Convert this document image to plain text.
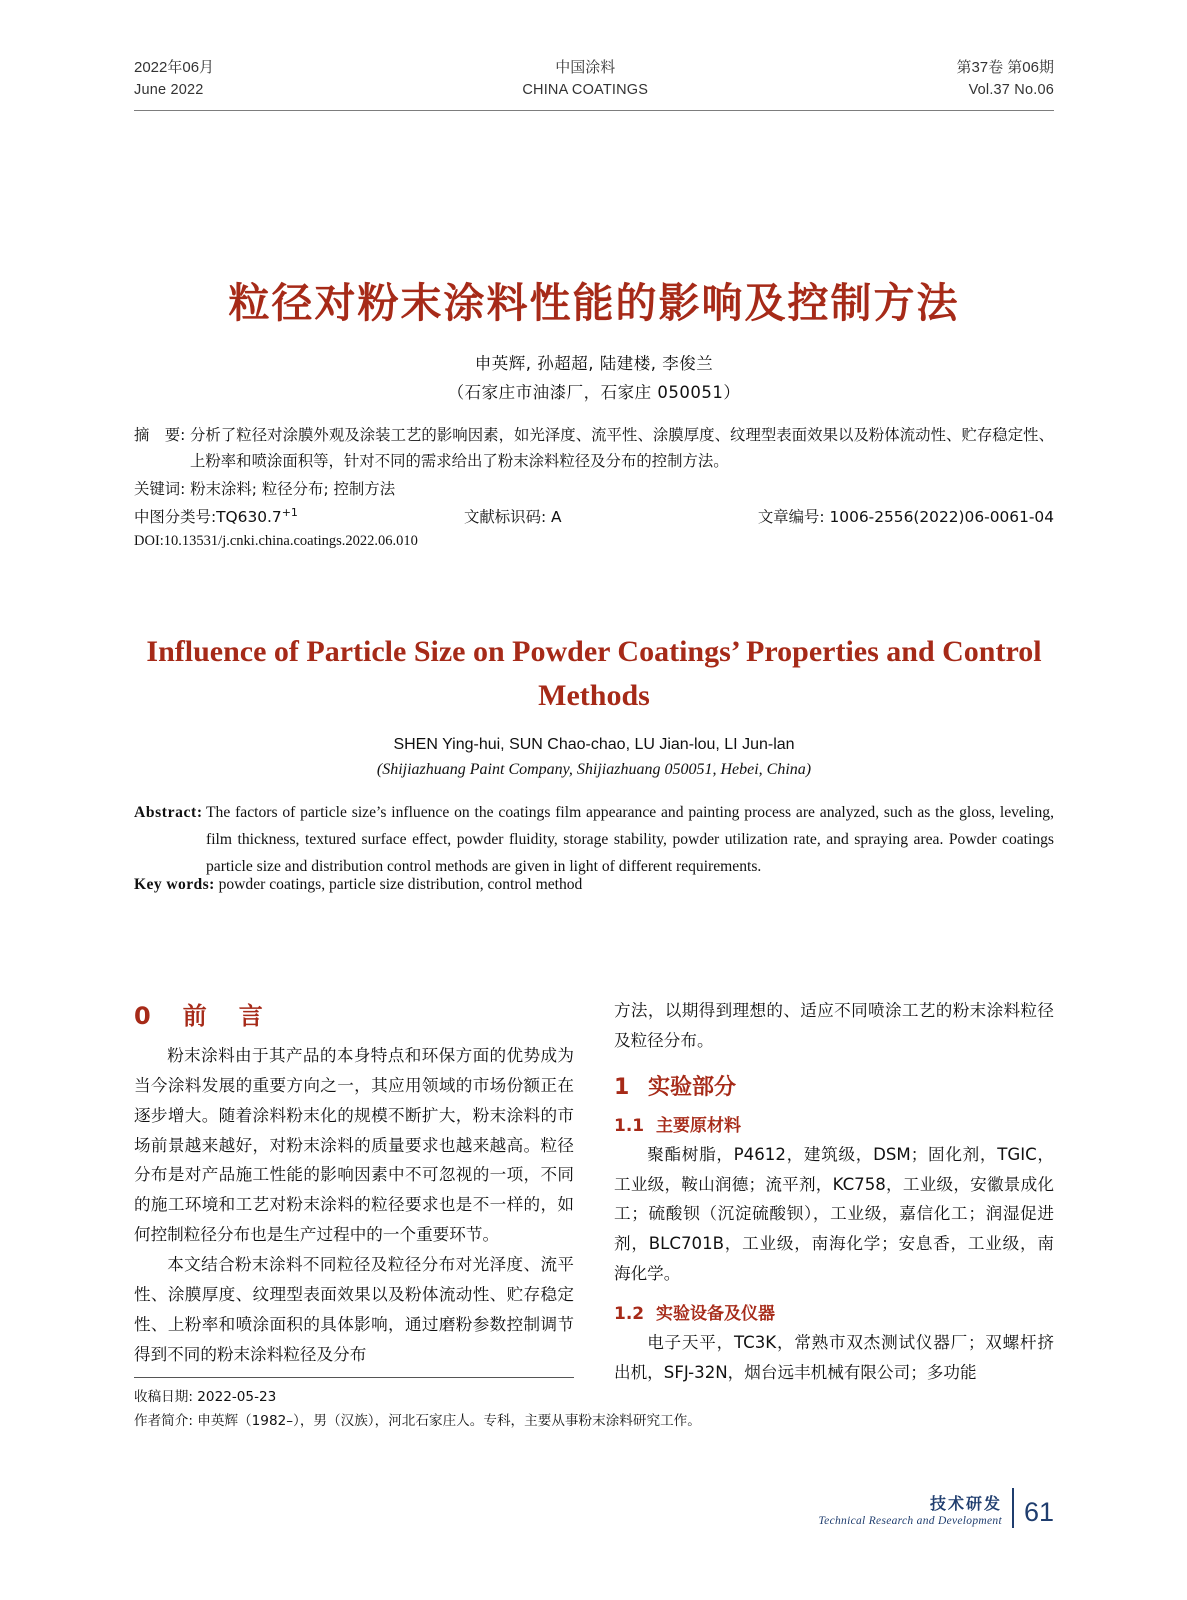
2022年06月
June 2022
中国涂料
CHINA COATINGS
第37卷 第06期
Vol.37 No.06
粒径对粉末涂料性能的影响及控制方法
申英辉, 孙超超, 陆建楼, 李俊兰
（石家庄市油漆厂，石家庄 050051）
摘　要: 分析了粒径对涂膜外观及涂装工艺的影响因素，如光泽度、流平性、涂膜厚度、纹理型表面效果以及粉体流动性、贮存稳定性、上粉率和喷涂面积等，针对不同的需求给出了粉末涂料粒径及分布的控制方法。
关键词: 粉末涂料; 粒径分布; 控制方法
中图分类号$:TQ630.7^{+1}$	文献标识码: A	文章编号: 1006-2556(2022)06-0061-04
DOI:10.13531/j.cnki.china.coatings.2022.06.010
Influence of Particle Size on Powder Coatings’ Properties and Control Methods
SHEN Ying-hui, SUN Chao-chao, LU Jian-lou, LI Jun-lan
(Shijiazhuang Paint Company, Shijiazhuang 050051, Hebei, China)
Abstract: The factors of particle size’s influence on the coatings film appearance and painting process are analyzed, such as the gloss, leveling, film thickness, textured surface effect, powder fluidity, storage stability, powder utilization rate, and spraying area. Powder coatings particle size and distribution control methods are given in light of different requirements.
Key words: powder coatings, particle size distribution, control method
0　前　言

粉末涂料由于其产品的本身特点和环保方面的优势成为当今涂料发展的重要方向之一，其应用领域的市场份额正在逐步增大。随着涂料粉末化的规模不断扩大，粉末涂料的市场前景越来越好，对粉末涂料的质量要求也越来越高。粒径分布是对产品施工性能的影响因素中不可忽视的一项，不同的施工环境和工艺对粉末涂料的粒径要求也是不一样的，如何控制粒径分布也是生产过程中的一个重要环节。

本文结合粉末涂料不同粒径及粒径分布对光泽度、流平性、涂膜厚度、纹理型表面效果以及粉体流动性、贮存稳定性、上粉率和喷涂面积的具体影响，通过磨粉参数控制调节得到不同的粉末涂料粒径及分布

方法，以期得到理想的、适应不同喷涂工艺的粉末涂料粒径及粒径分布。

1 实验部分
1.1 主要原材料

聚酯树脂，P4612，建筑级，DSM；固化剂，TGIC，工业级，鞍山润德；流平剂，KC758，工业级，安徽景成化工；硫酸钡（沉淀硫酸钡），工业级，嘉信化工；润湿促进剂，BLC701B，工业级，南海化学；安息香，工业级，南海化学。

1.2 实验设备及仪器

电子天平，TC3K，常熟市双杰测试仪器厂；双螺杆挤出机，SFJ-32N，烟台远丰机械有限公司；多功能

收稿日期: 2022-05-23
作者简介: 申英辉（1982–），男（汉族），河北石家庄人。专科，主要从事粉末涂料研究工作。
技术研发
Technical Research and Development 61
